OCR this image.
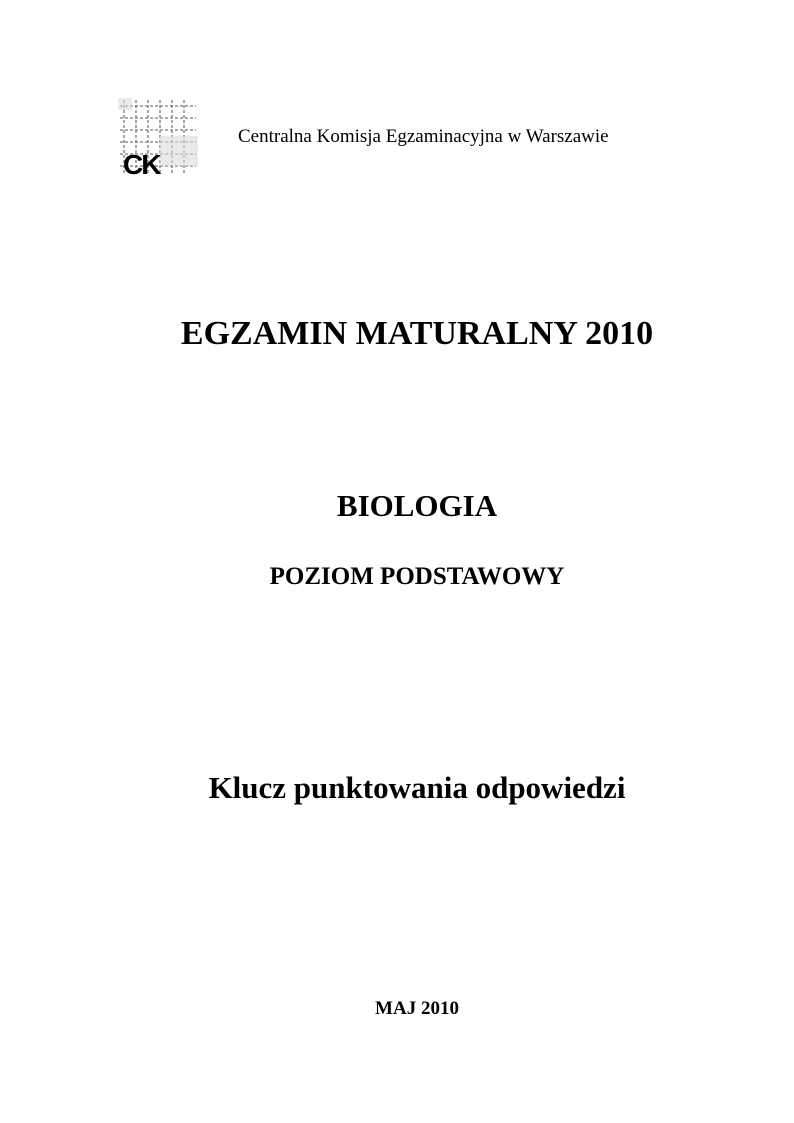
CK
Centralna Komisja Egzaminacyjna w Warszawie
EGZAMIN MATURALNY 2010
BIOLOGIA
POZIOM PODSTAWOWY
Klucz punktowania odpowiedzi
MAJ 2010
